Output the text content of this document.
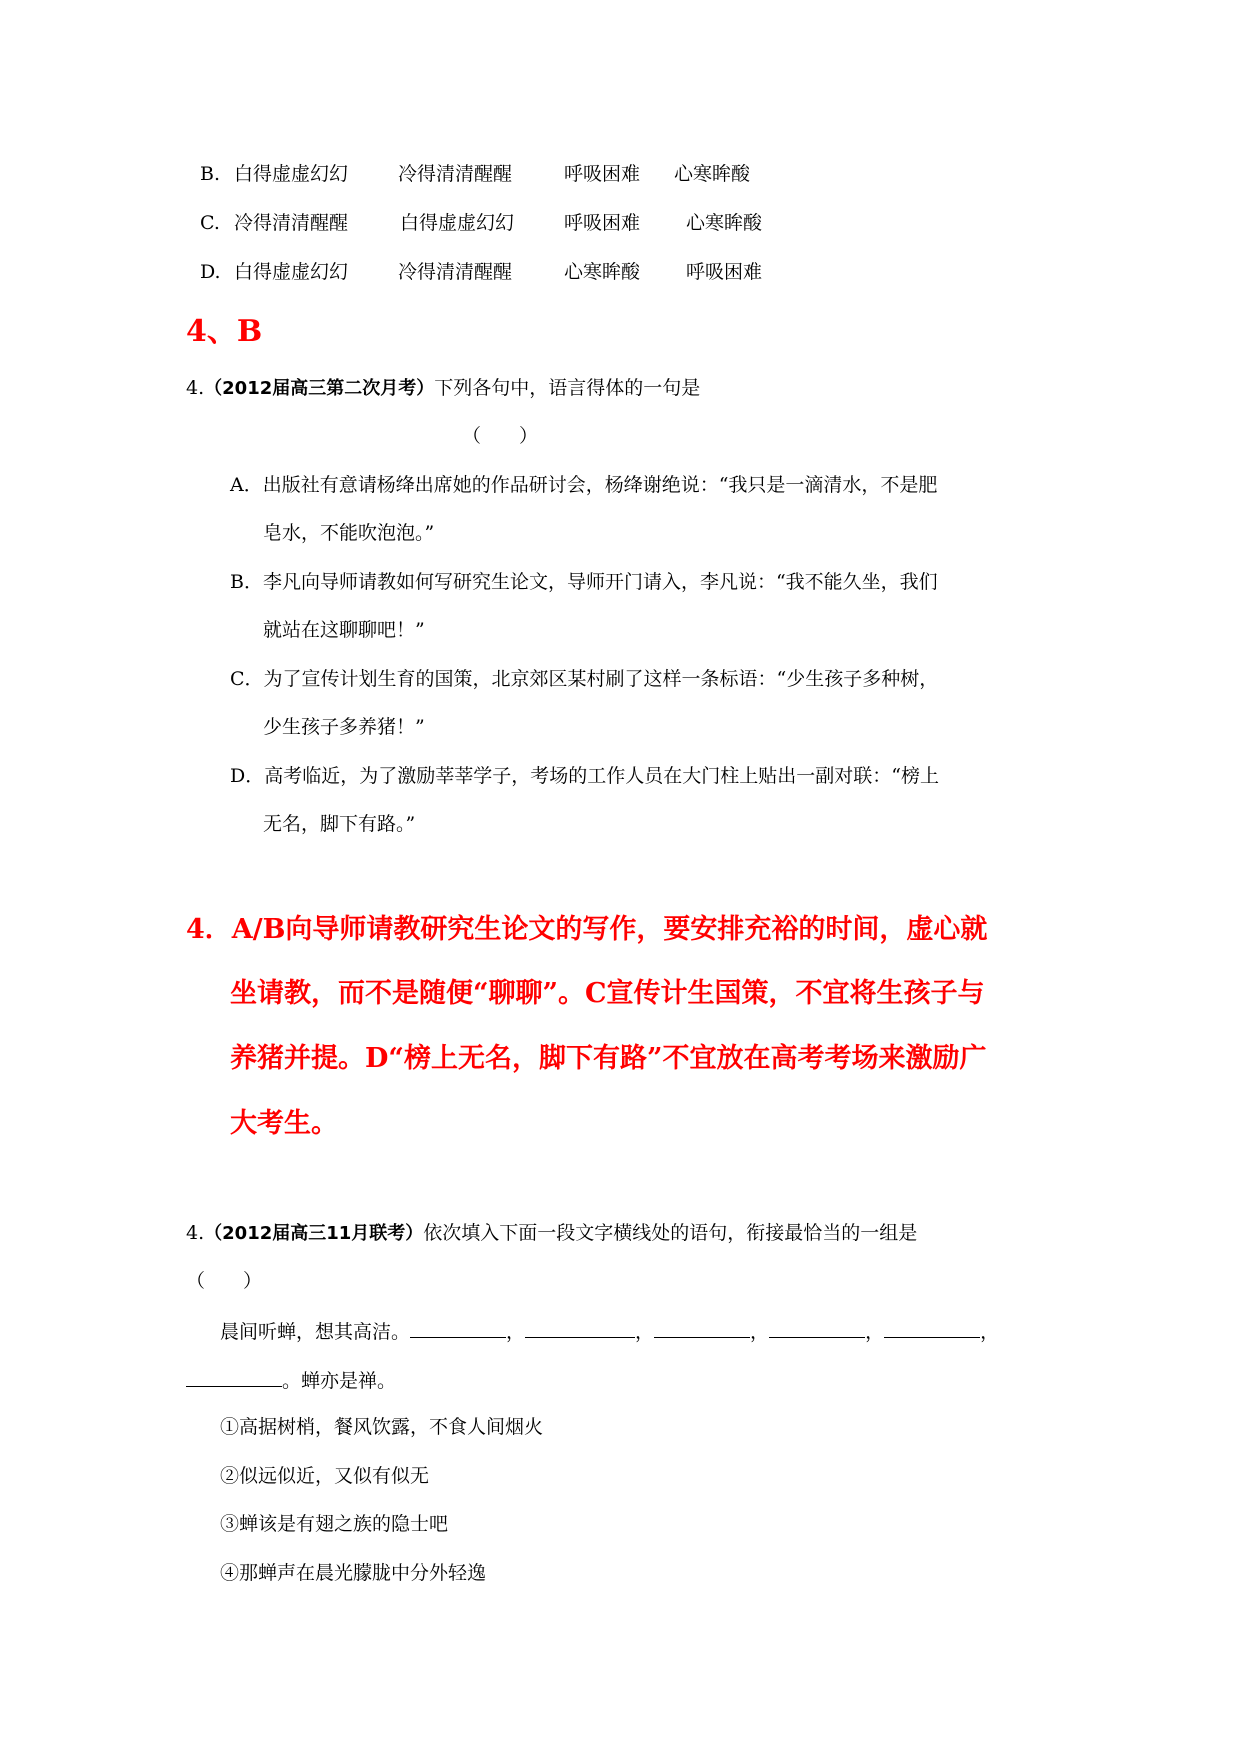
B. 白得虚虚幻幻	冷得清清醒醒	呼吸困难 心寒眸酸
C. 冷得清清醒醒	白得虚虚幻幻	呼吸困难 心寒眸酸
D. 白得虚虚幻幻	冷得清清醒醒	心寒眸酸 呼吸困难
4、B
4.（2012届高三第二次月考）下列各句中，语言得体的一句是
（　　）
A．出版社有意请杨绛出席她的作品研讨会，杨绛谢绝说：“我只是一滴清水，不是肥
皂水，不能吹泡泡。”
B．李凡向导师请教如何写研究生论文，导师开门请入，李凡说：“我不能久坐，我们
就站在这聊聊吧！”
C．为了宣传计划生育的国策，北京郊区某村刷了这样一条标语：“少生孩子多种树，
少生孩子多养猪！”
D．高考临近，为了激励莘莘学子，考场的工作人员在大门柱上贴出一副对联：“榜上
无名，脚下有路。”
4．A/B向导师请教研究生论文的写作，要安排充裕的时间，虚心就
坐请教，而不是随便“聊聊”。C宣传计生国策，不宜将生孩子与
养猪并提。D“榜上无名，脚下有路”不宜放在高考考场来激励广
大考生。
4.（2012届高三11月联考）依次填入下面一段文字横线处的语句，衔接最恰当的一组是
（　　）
晨间听蝉，想其高洁。	，	，	，	，	，
。蝉亦是禅。
①高据树梢，餐风饮露，不食人间烟火
②似远似近，又似有似无
③蝉该是有翅之族的隐士吧
④那蝉声在晨光朦胧中分外轻逸
